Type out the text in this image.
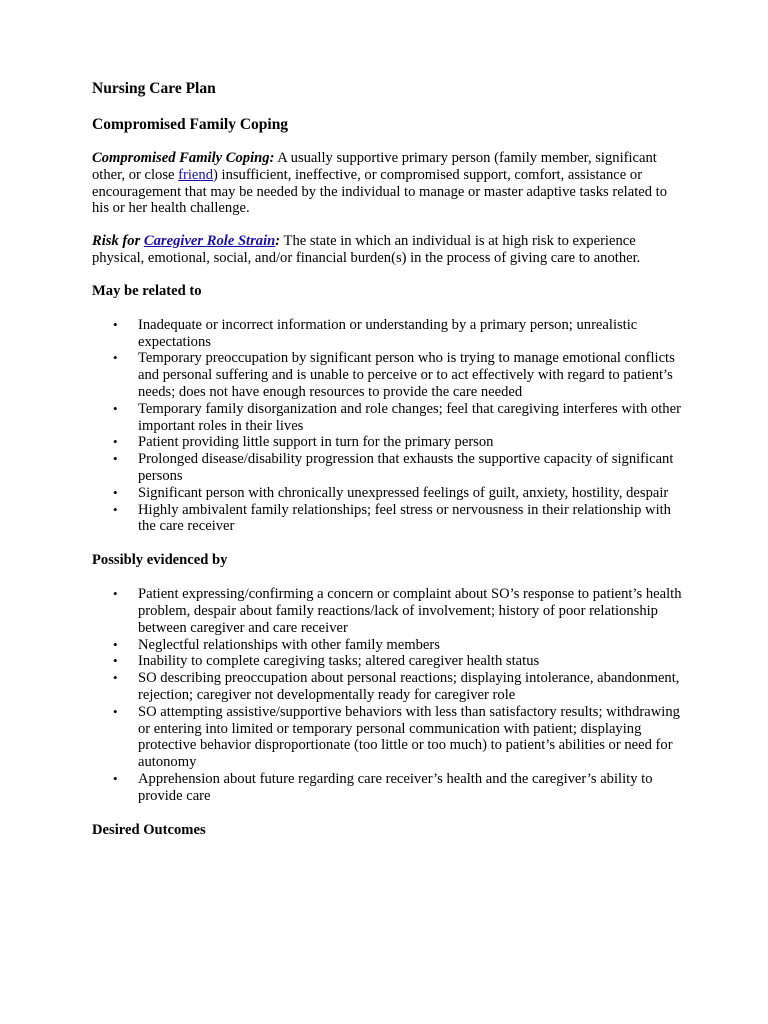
Nursing Care Plan
Compromised Family Coping

Compromised Family Coping: A usually supportive primary person (family member, significant other, or close friend) insufficient, ineffective, or compromised support, comfort, assistance or encouragement that may be needed by the individual to manage or master adaptive tasks related to his or her health challenge.

Risk for Caregiver Role Strain: The state in which an individual is at high risk to experience physical, emotional, social, and/or financial burden(s) in the process of giving care to another.

May be related to
• Inadequate or incorrect information or understanding by a primary person; unrealistic expectations
• Temporary preoccupation by significant person who is trying to manage emotional conflicts and personal suffering and is unable to perceive or to act effectively with regard to patient’s needs; does not have enough resources to provide the care needed
• Temporary family disorganization and role changes; feel that caregiving interferes with other important roles in their lives
• Patient providing little support in turn for the primary person
• Prolonged disease/disability progression that exhausts the supportive capacity of significant persons
• Significant person with chronically unexpressed feelings of guilt, anxiety, hostility, despair
• Highly ambivalent family relationships; feel stress or nervousness in their relationship with the care receiver
Possibly evidenced by
• Patient expressing/confirming a concern or complaint about SO’s response to patient’s health problem, despair about family reactions/lack of involvement; history of poor relationship between caregiver and care receiver
• Neglectful relationships with other family members
• Inability to complete caregiving tasks; altered caregiver health status
• SO describing preoccupation about personal reactions; displaying intolerance, abandonment, rejection; caregiver not developmentally ready for caregiver role
• SO attempting assistive/supportive behaviors with less than satisfactory results; withdrawing or entering into limited or temporary personal communication with patient; displaying protective behavior disproportionate (too little or too much) to patient’s abilities or need for autonomy
• Apprehension about future regarding care receiver’s health and the caregiver’s ability to provide care
Desired Outcomes
